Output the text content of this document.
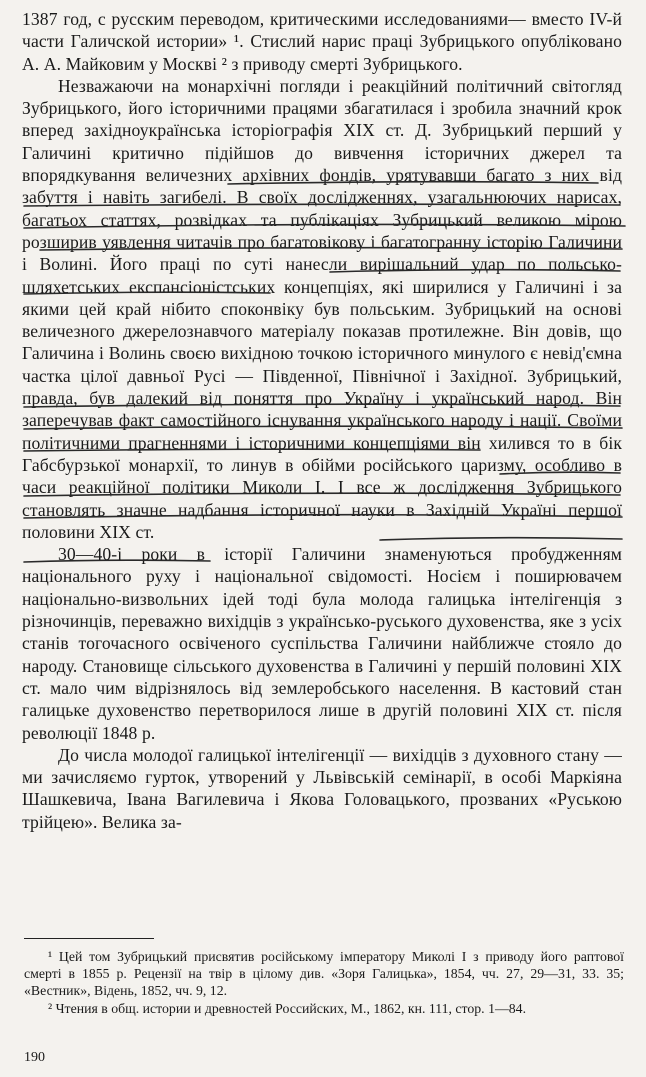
1387 год, с русским переводом, критическими исследованиями— вместо IV-й части Галичской истории» ¹. Стислий нарис праці Зубрицького опубліковано А. А. Майковим у Москві ² з приводу смерті Зубрицького.

Незважаючи на монархічні погляди і реакційний політичний світогляд Зубрицького, його історичними працями збагатилася і зробила значний крок вперед західноукраїнська історіографія XIX ст. Д. Зубрицький перший у Галичині критично підійшов до вивчення історичних джерел та впорядкування величезних архівних фондів, урятувавши багато з них від забуття і навіть загибелі. В своїх дослідженнях, узагальнюючих нарисах, багатьох статтях, розвідках та публікаціях Зубрицький великою мірою розширив уявлення читачів про багатовікову і багатогранну історію Галичини і Волині. Його праці по суті нанесли вирішальний удар по польсько-шляхетських експансіоністських концепціях, які ширилися у Галичині і за якими цей край нібито споконвіку був польським. Зубрицький на основі величезного джерелознавчого матеріалу показав протилежне. Він довів, що Галичина і Волинь своєю вихідною точкою історичного минулого є невід'ємна частка цілої давньої Русі — Південної, Північної і Західної. Зубрицький, правда, був далекий від поняття про Україну і український народ. Він заперечував факт самостійного існування українського народу і нації. Своїми політичними прагненнями і історичними концепціями він хилився то в бік Габсбурзької монархії, то линув в обійми російського царизму, особливо в часи реакційної політики Миколи І. І все ж дослідження Зубрицького становлять значне надбання історичної науки в Західній Україні першої половини XIX ст.

30—40-і роки в історії Галичини знаменуються пробудженням національного руху і національної свідомості. Носієм і поширювачем національно-визвольних ідей тоді була молода галицька інтелігенція з різночинців, переважно вихідців з українсько-руського духовенства, яке з усіх станів тогочасного освіченого суспільства Галичини найближче стояло до народу. Становище сільського духовенства в Галичині у першій половині XIX ст. мало чим відрізнялось від землеробського населення. В кастовий стан галицьке духовенство перетворилося лише в другій половині XIX ст. після революції 1848 р.

До числа молодої галицької інтелігенції — вихідців з духовного стану — ми зачисляємо гурток, утворений у Львівській семінарії, в особі Маркіяна Шашкевича, Івана Вагилевича і Якова Головацького, прозваних «Руською трійцею». Велика за-

¹ Цей том Зубрицький присвятив російському імператору Миколі І з приводу його раптової смерті в 1855 р. Рецензії на твір в цілому див. «Зоря Галицька», 1854, чч. 27, 29—31, 33. 35; «Вестник», Відень, 1852, чч. 9, 12.

² Чтения в общ. истории и древностей Российских, М., 1862, кн. 111, стор. 1—84.

190
